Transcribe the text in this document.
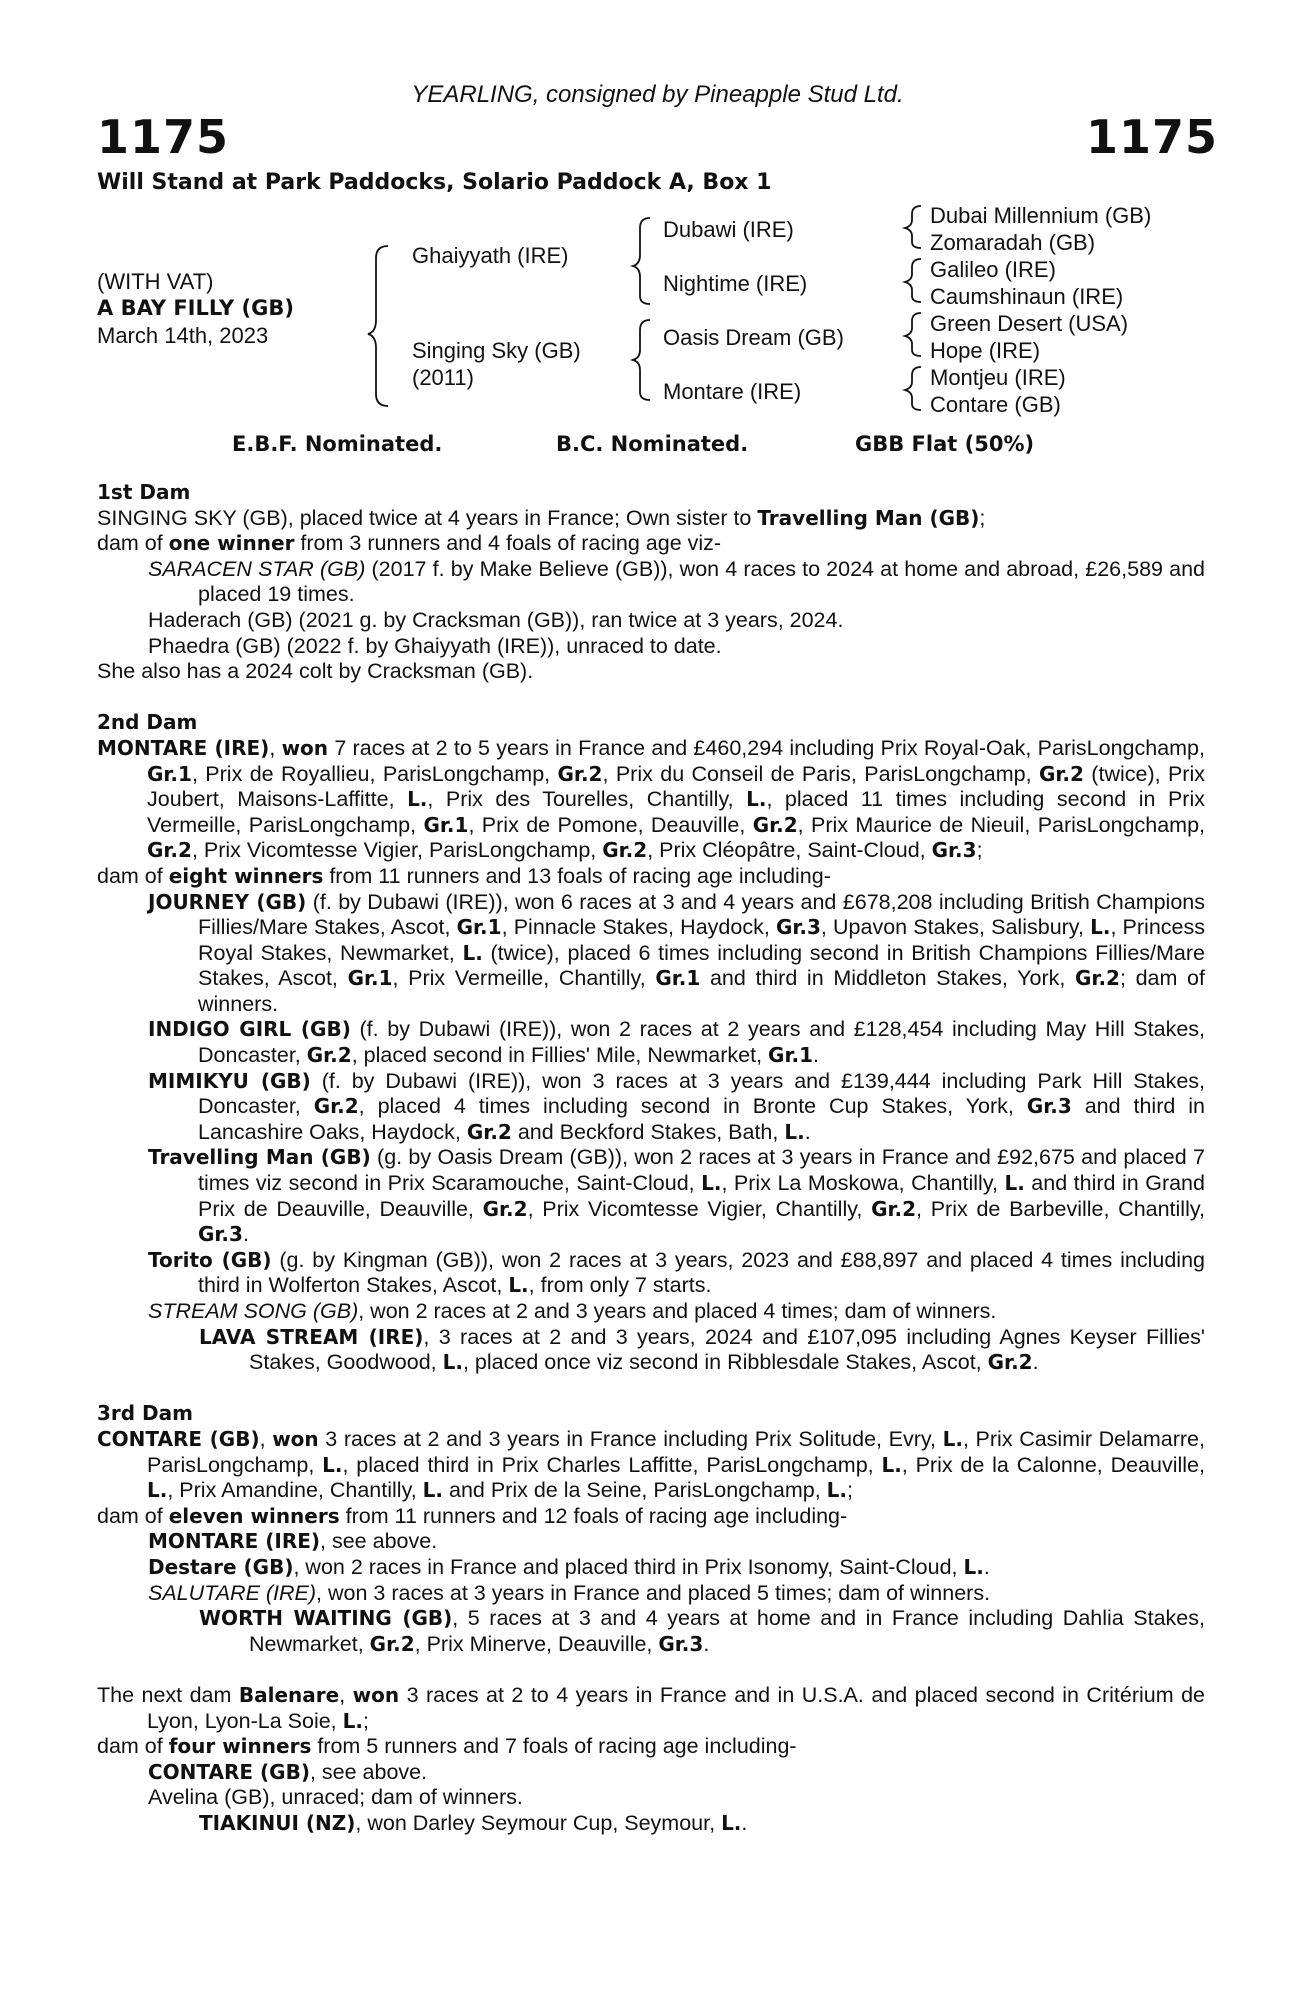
YEARLING, consigned by Pineapple Stud Ltd.
1175	1175
Will Stand at Park Paddocks, Solario Paddock A, Box 1
(WITH VAT)
A BAY FILLY (GB)
March 14th, 2023
Ghaiyyath (IRE)
Singing Sky (GB)
(2011)
Dubawi (IRE)
Nightime (IRE)
Oasis Dream (GB)
Montare (IRE)
Dubai Millennium (GB)
Zomaradah (GB)
Galileo (IRE)
Caumshinaun (IRE)
Green Desert (USA)
Hope (IRE)
Montjeu (IRE)
Contare (GB)
E.B.F. Nominated.	B.C. Nominated.	GBB Flat (50%)

1st Dam

SINGING SKY (GB), placed twice at 4 years in France; Own sister to Travelling Man (GB);

dam of one winner from 3 runners and 4 foals of racing age viz-

SARACEN STAR (GB) (2017 f. by Make Believe (GB)), won 4 races to 2024 at home and abroad, £26,589 and placed 19 times.

Haderach (GB) (2021 g. by Cracksman (GB)), ran twice at 3 years, 2024.

Phaedra (GB) (2022 f. by Ghaiyyath (IRE)), unraced to date.

She also has a 2024 colt by Cracksman (GB).

2nd Dam

MONTARE (IRE), won 7 races at 2 to 5 years in France and £460,294 including Prix Royal-Oak, ParisLongchamp, Gr.1, Prix de Royallieu, ParisLongchamp, Gr.2, Prix du Conseil de Paris, ParisLongchamp, Gr.2 (twice), Prix Joubert, Maisons-Laffitte, L., Prix des Tourelles, Chantilly, L., placed 11 times including second in Prix Vermeille, ParisLongchamp, Gr.1, Prix de Pomone, Deauville, Gr.2, Prix Maurice de Nieuil, ParisLongchamp, Gr.2, Prix Vicomtesse Vigier, ParisLongchamp, Gr.2, Prix Cléopâtre, Saint-Cloud, Gr.3;

dam of eight winners from 11 runners and 13 foals of racing age including-

JOURNEY (GB) (f. by Dubawi (IRE)), won 6 races at 3 and 4 years and £678,208 including British Champions Fillies/Mare Stakes, Ascot, Gr.1, Pinnacle Stakes, Haydock, Gr.3, Upavon Stakes, Salisbury, L., Princess Royal Stakes, Newmarket, L. (twice), placed 6 times including second in British Champions Fillies/Mare Stakes, Ascot, Gr.1, Prix Vermeille, Chantilly, Gr.1 and third in Middleton Stakes, York, Gr.2; dam of winners.

INDIGO GIRL (GB) (f. by Dubawi (IRE)), won 2 races at 2 years and £128,454 including May Hill Stakes, Doncaster, Gr.2, placed second in Fillies' Mile, Newmarket, Gr.1.

MIMIKYU (GB) (f. by Dubawi (IRE)), won 3 races at 3 years and £139,444 including Park Hill Stakes, Doncaster, Gr.2, placed 4 times including second in Bronte Cup Stakes, York, Gr.3 and third in Lancashire Oaks, Haydock, Gr.2 and Beckford Stakes, Bath, L..

Travelling Man (GB) (g. by Oasis Dream (GB)), won 2 races at 3 years in France and £92,675 and placed 7 times viz second in Prix Scaramouche, Saint-Cloud, L., Prix La Moskowa, Chantilly, L. and third in Grand Prix de Deauville, Deauville, Gr.2, Prix Vicomtesse Vigier, Chantilly, Gr.2, Prix de Barbeville, Chantilly, Gr.3.

Torito (GB) (g. by Kingman (GB)), won 2 races at 3 years, 2023 and £88,897 and placed 4 times including third in Wolferton Stakes, Ascot, L., from only 7 starts.

STREAM SONG (GB), won 2 races at 2 and 3 years and placed 4 times; dam of winners.

LAVA STREAM (IRE), 3 races at 2 and 3 years, 2024 and £107,095 including Agnes Keyser Fillies' Stakes, Goodwood, L., placed once viz second in Ribblesdale Stakes, Ascot, Gr.2.

3rd Dam

CONTARE (GB), won 3 races at 2 and 3 years in France including Prix Solitude, Evry, L., Prix Casimir Delamarre, ParisLongchamp, L., placed third in Prix Charles Laffitte, ParisLongchamp, L., Prix de la Calonne, Deauville, L., Prix Amandine, Chantilly, L. and Prix de la Seine, ParisLongchamp, L.;

dam of eleven winners from 11 runners and 12 foals of racing age including-

MONTARE (IRE), see above.

Destare (GB), won 2 races in France and placed third in Prix Isonomy, Saint-Cloud, L..

SALUTARE (IRE), won 3 races at 3 years in France and placed 5 times; dam of winners.

WORTH WAITING (GB), 5 races at 3 and 4 years at home and in France including Dahlia Stakes, Newmarket, Gr.2, Prix Minerve, Deauville, Gr.3.

The next dam Balenare, won 3 races at 2 to 4 years in France and in U.S.A. and placed second in Critérium de Lyon, Lyon-La Soie, L.;

dam of four winners from 5 runners and 7 foals of racing age including-

CONTARE (GB), see above.

Avelina (GB), unraced; dam of winners.

TIAKINUI (NZ), won Darley Seymour Cup, Seymour, L..
